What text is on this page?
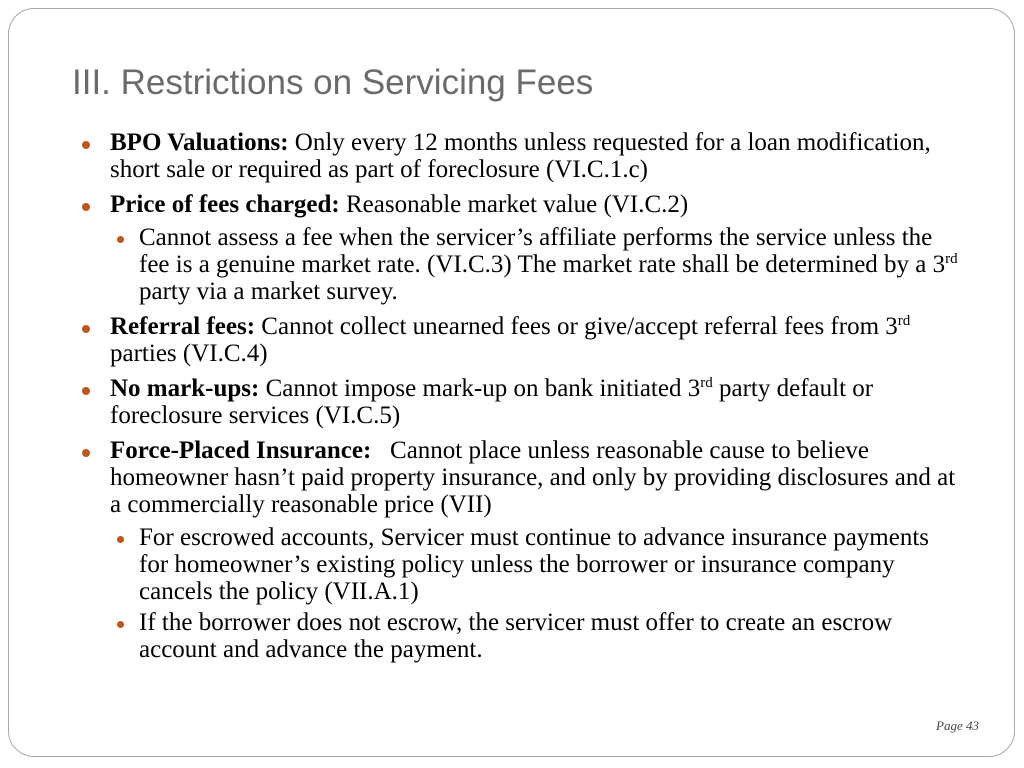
III. Restrictions on Servicing Fees
BPO Valuations: Only every 12 months unless requested for a loan modification, short sale or required as part of foreclosure (VI.C.1.c)
Price of fees charged: Reasonable market value (VI.C.2)
Cannot assess a fee when the servicer’s affiliate performs the service unless the fee is a genuine market rate. (VI.C.3) The market rate shall be determined by a 3rd party via a market survey.
Referral fees: Cannot collect unearned fees or give/accept referral fees from 3rd parties (VI.C.4)
No mark-ups: Cannot impose mark-up on bank initiated 3rd party default or foreclosure services (VI.C.5)
Force-Placed Insurance:   Cannot place unless reasonable cause to believe homeowner hasn’t paid property insurance, and only by providing disclosures and at a commercially reasonable price (VII)
For escrowed accounts, Servicer must continue to advance insurance payments for homeowner’s existing policy unless the borrower or insurance company cancels the policy (VII.A.1)
If the borrower does not escrow, the servicer must offer to create an escrow account and advance the payment.
Page 43
